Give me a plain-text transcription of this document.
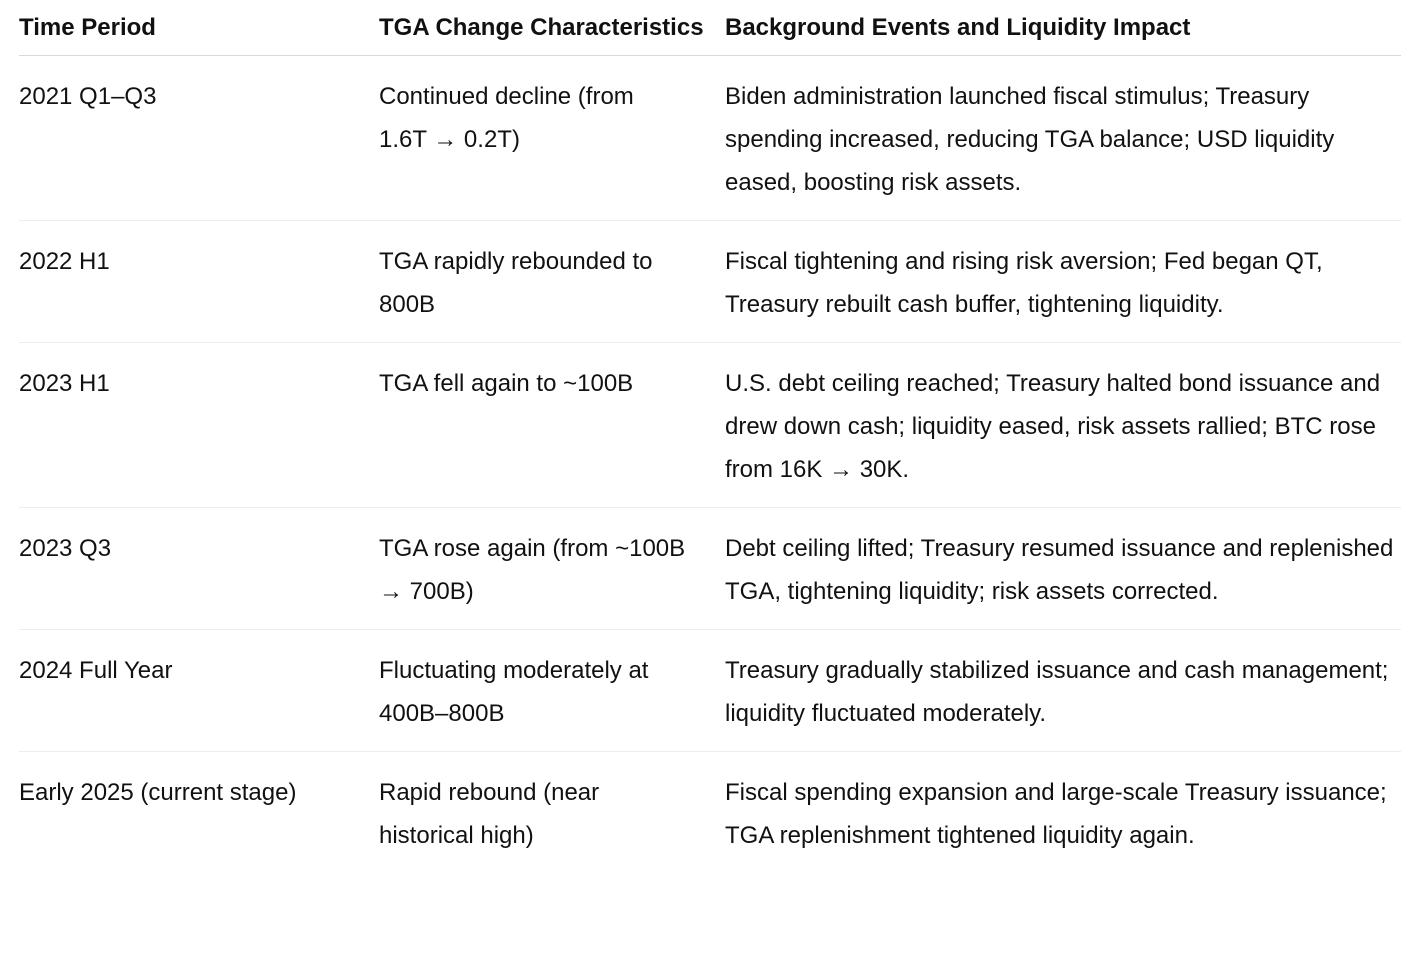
Time Period	TGA Change Characteristics	Background Events and Liquidity Impact
2021 Q1–Q3	Continued decline (from 1.6T → 0.2T)	Biden administration launched fiscal stimulus; Treasury spending increased, reducing TGA balance; USD liquidity eased, boosting risk assets.
2022 H1	TGA rapidly rebounded to 800B	Fiscal tightening and rising risk aversion; Fed began QT, Treasury rebuilt cash buffer, tightening liquidity.
2023 H1	TGA fell again to ~100B	U.S. debt ceiling reached; Treasury halted bond issuance and drew down cash; liquidity eased, risk assets rallied; BTC rose from 16K → 30K.
2023 Q3	TGA rose again (from ~100B → 700B)	Debt ceiling lifted; Treasury resumed issuance and replenished TGA, tightening liquidity; risk assets corrected.
2024 Full Year	Fluctuating moderately at 400B–800B	Treasury gradually stabilized issuance and cash management; liquidity fluctuated moderately.
Early 2025 (current stage)	Rapid rebound (near historical high)	Fiscal spending expansion and large-scale Treasury issuance; TGA replenishment tightened liquidity again.
